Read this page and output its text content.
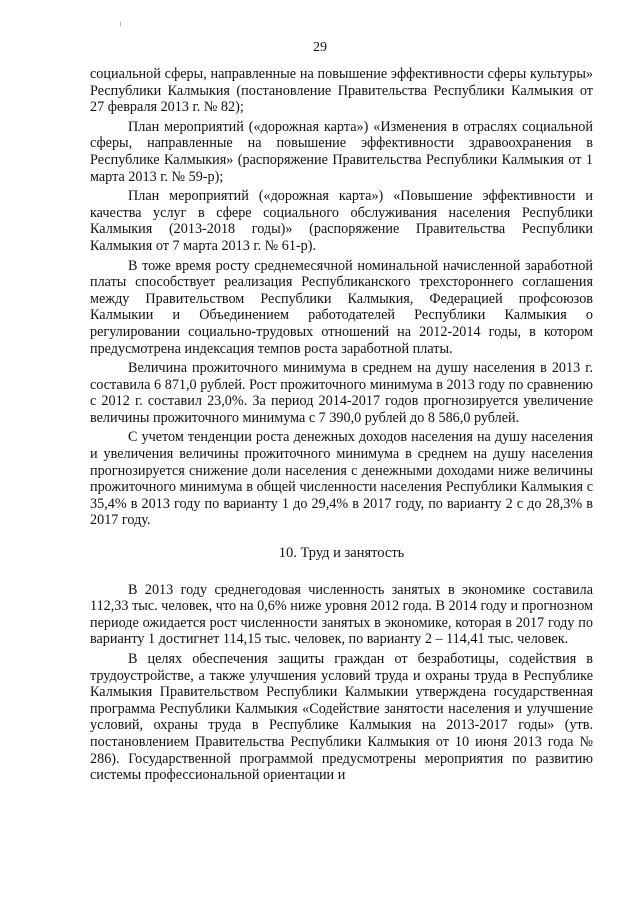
29

социальной сферы, направленные на повышение эффективности сферы культуры» Республики Калмыкия (постановление Правительства Республики Калмыкия от 27 февраля 2013 г. № 82);

План мероприятий («дорожная карта») «Изменения в отраслях социальной сферы, направленные на повышение эффективности здравоохранения в Республике Калмыкия» (распоряжение Правительства Республики Калмыкия от 1 марта 2013 г. № 59-р);

План мероприятий («дорожная карта») «Повышение эффективности и качества услуг в сфере социального обслуживания населения Республики Калмыкия (2013-2018 годы)» (распоряжение Правительства Республики Калмыкия от 7 марта 2013 г. № 61-р).

В тоже время росту среднемесячной номинальной начисленной заработной платы способствует реализация Республиканского трехстороннего соглашения между Правительством Республики Калмыкия, Федерацией профсоюзов Калмыкии и Объединением работодателей Республики Калмыкия о регулировании социально-трудовых отношений на 2012-2014 годы, в котором предусмотрена индексация темпов роста заработной платы.

Величина прожиточного минимума в среднем на душу населения в 2013 г. составила 6 871,0 рублей. Рост прожиточного минимума в 2013 году по сравнению с 2012 г. составил 23,0%. За период 2014-2017 годов прогнозируется увеличение величины прожиточного минимума с 7 390,0 рублей до 8 586,0 рублей.

С учетом тенденции роста денежных доходов населения на душу населения и увеличения величины прожиточного минимума в среднем на душу населения прогнозируется снижение доли населения с денежными доходами ниже величины прожиточного минимума в общей численности населения Республики Калмыкия с 35,4% в 2013 году по варианту 1 до 29,4% в 2017 году, по варианту 2 с до 28,3% в 2017 году.

10. Труд и занятость

В 2013 году среднегодовая численность занятых в экономике составила 112,33 тыс. человек, что на 0,6% ниже уровня 2012 года. В 2014 году и прогнозном периоде ожидается рост численности занятых в экономике, которая в 2017 году по варианту 1 достигнет 114,15 тыс. человек, по варианту 2 – 114,41 тыс. человек.

В целях обеспечения защиты граждан от безработицы, содействия в трудоустройстве, а также улучшения условий труда и охраны труда в Республике Калмыкия Правительством Республики Калмыкии утверждена государственная программа Республики Калмыкия «Содействие занятости населения и улучшение условий, охраны труда в Республике Калмыкия на 2013-2017 годы» (утв. постановлением Правительства Республики Калмыкия от 10 июня 2013 года № 286). Государственной программой предусмотрены мероприятия по развитию системы профессиональной ориентации и
